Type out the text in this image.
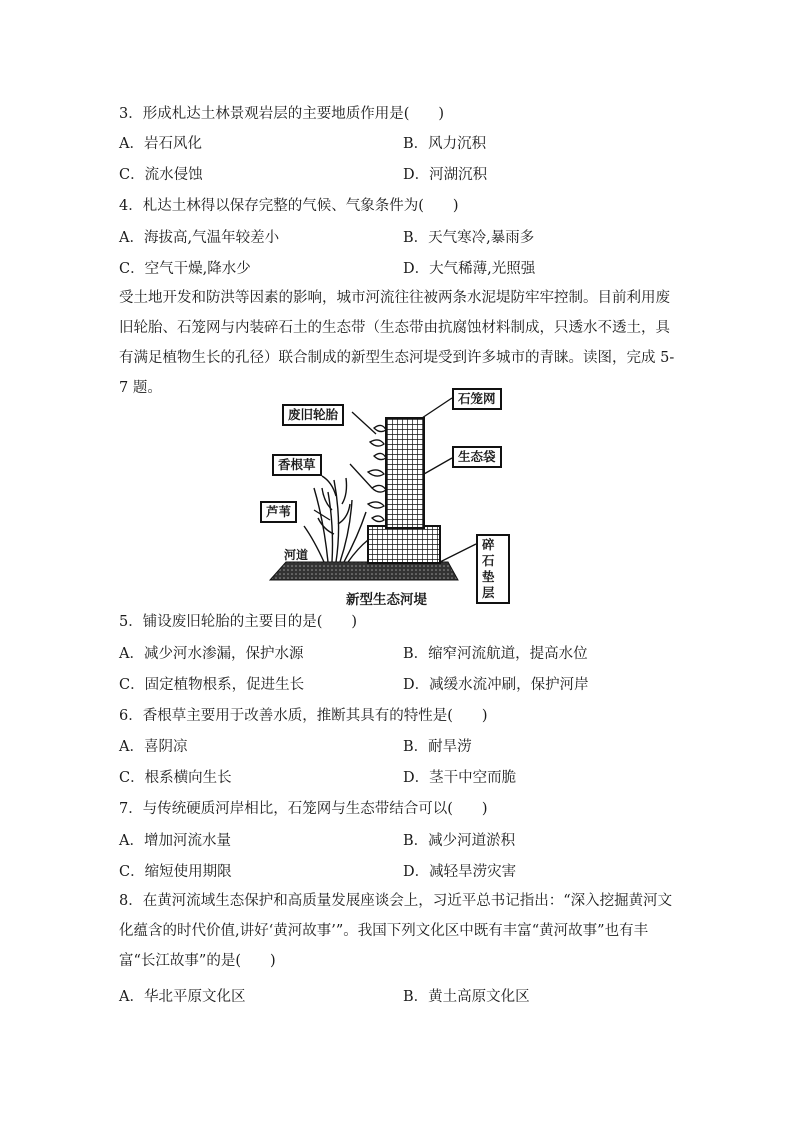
3．形成札达土林景观岩层的主要地质作用是(　　)
A．岩石风化	B．风力沉积
C．流水侵蚀	D．河湖沉积
4．札达土林得以保存完整的气候、气象条件为(　　)
A．海拔高,气温年较差小	B．天气寒冷,暴雨多
C．空气干燥,降水少	D．大气稀薄,光照强
受土地开发和防洪等因素的影响，城市河流往往被两条水泥堤防牢牢控制。目前利用废旧轮胎、石笼网与内装碎石土的生态带（生态带由抗腐蚀材料制成，只透水不透土，具有满足植物生长的孔径）联合制成的新型生态河堤受到许多城市的青睐。读图，完成 5-7 题。
废旧轮胎
香根草
芦苇
河道
石笼网
生态袋
碎石垫层
新型生态河堤
5．铺设废旧轮胎的主要目的是(　　)
A．减少河水渗漏，保护水源	B．缩窄河流航道，提高水位
C．固定植物根系，促进生长	D．减缓水流冲刷，保护河岸
6．香根草主要用于改善水质，推断其具有的特性是(　　)
A．喜阴凉	B．耐旱涝
C．根系横向生长	D．茎干中空而脆
7．与传统硬质河岸相比，石笼网与生态带结合可以(　　)
A．增加河流水量	B．减少河道淤积
C．缩短使用期限	D．减轻旱涝灾害
8．在黄河流域生态保护和高质量发展座谈会上，习近平总书记指出：“深入挖掘黄河文化蕴含的时代价值,讲好‘黄河故事’”。我国下列文化区中既有丰富“黄河故事”也有丰富“长江故事”的是(　　)
A．华北平原文化区	B．黄土高原文化区
